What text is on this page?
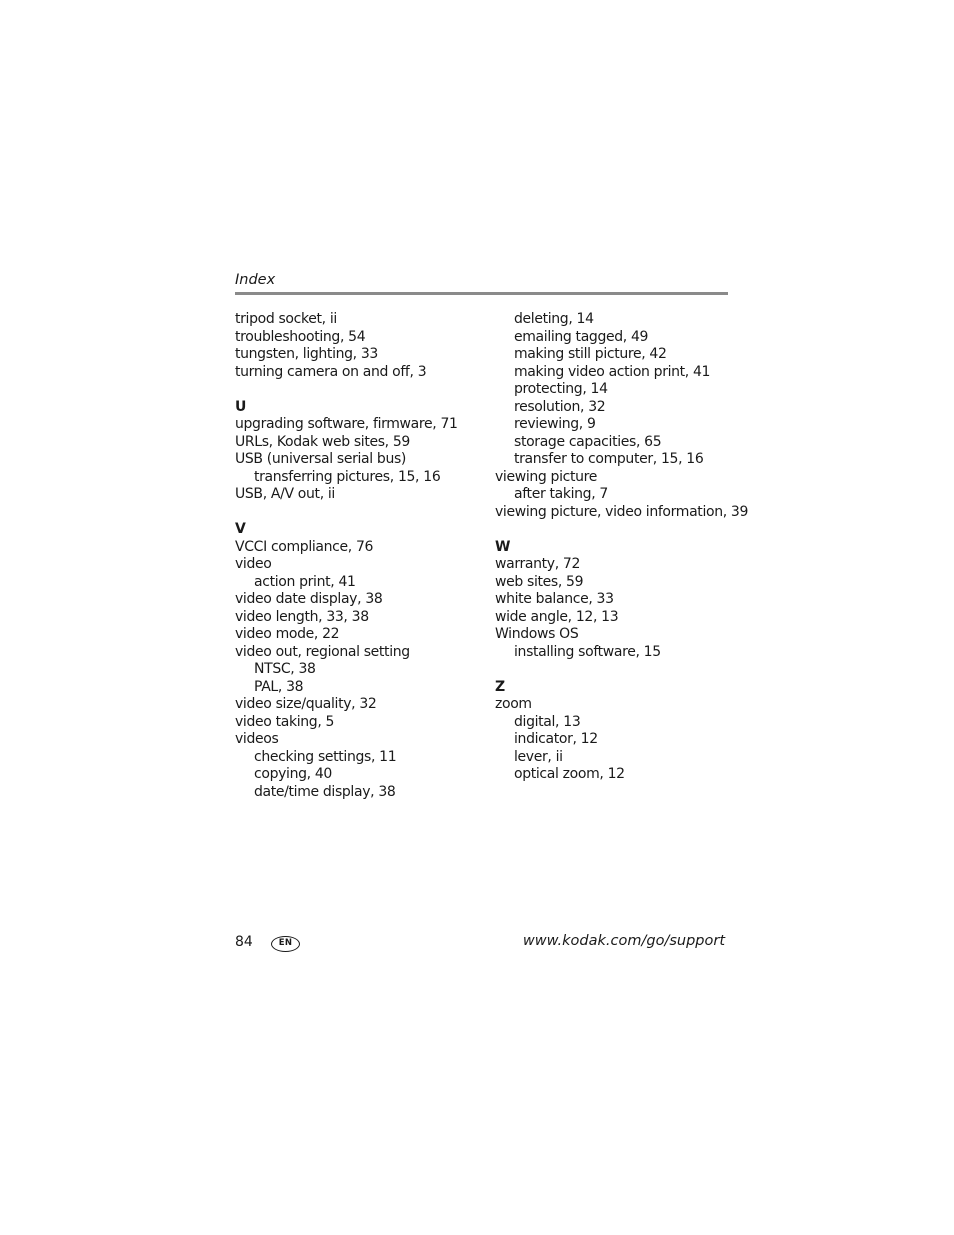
Index
tripod socket, ii
troubleshooting, 54
tungsten, lighting, 33
turning camera on and off, 3
U
upgrading software, firmware, 71
URLs, Kodak web sites, 59
USB (universal serial bus)
transferring pictures, 15, 16
USB, A/V out, ii
V
VCCI compliance, 76
video
action print, 41
video date display, 38
video length, 33, 38
video mode, 22
video out, regional setting
NTSC, 38
PAL, 38
video size/quality, 32
video taking, 5
videos
checking settings, 11
copying, 40
date/time display, 38
deleting, 14
emailing tagged, 49
making still picture, 42
making video action print, 41
protecting, 14
resolution, 32
reviewing, 9
storage capacities, 65
transfer to computer, 15, 16
viewing picture
after taking, 7
viewing picture, video information, 39
W
warranty, 72
web sites, 59
white balance, 33
wide angle, 12, 13
Windows OS
installing software, 15
Z
zoom
digital, 13
indicator, 12
lever, ii
optical zoom, 12
84	EN	www.kodak.com/go/support
